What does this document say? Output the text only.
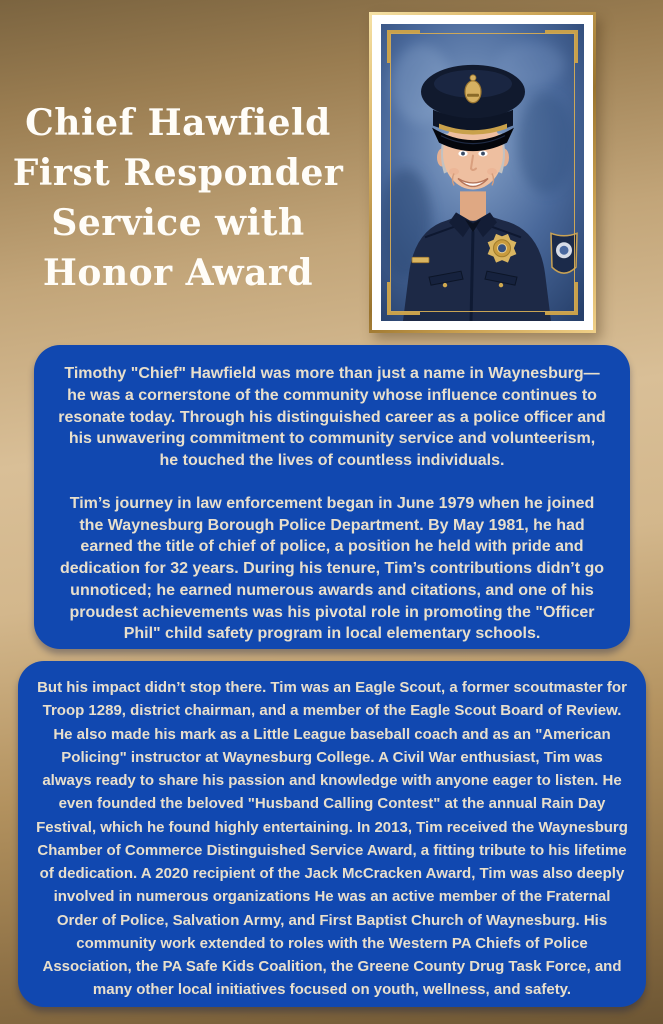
Chief Hawfield
First Responder
Service with
Honor Award

Timothy "Chief" Hawfield was more than just a name in Waynesburg—he was a cornerstone of the community whose influence continues to resonate today. Through his distinguished career as a police officer and his unwavering commitment to community service and volunteerism, he touched the lives of countless individuals.

Tim’s journey in law enforcement began in June 1979 when he joined the Waynesburg Borough Police Department. By May 1981, he had earned the title of chief of police, a position he held with pride and dedication for 32 years. During his tenure, Tim’s contributions didn’t go unnoticed; he earned numerous awards and citations, and one of his proudest achievements was his pivotal role in promoting the "Officer Phil" child safety program in local elementary schools.

But his impact didn’t stop there. Tim was an Eagle Scout, a former scoutmaster for Troop 1289, district chairman, and a member of the Eagle Scout Board of Review. He also made his mark as a Little League baseball coach and as an "American Policing" instructor at Waynesburg College. A Civil War enthusiast, Tim was always ready to share his passion and knowledge with anyone eager to listen. He even founded the beloved "Husband Calling Contest" at the annual Rain Day Festival, which he found highly entertaining. In 2013, Tim received the Waynesburg Chamber of Commerce Distinguished Service Award, a fitting tribute to his lifetime of dedication. A 2020 recipient of the Jack McCracken Award, Tim was also deeply involved in numerous organizations He was an active member of the Fraternal Order of Police, Salvation Army, and First Baptist Church of Waynesburg. His community work extended to roles with the Western PA Chiefs of Police Association, the PA Safe Kids Coalition, the Greene County Drug Task Force, and many other local initiatives focused on youth, wellness, and safety.
